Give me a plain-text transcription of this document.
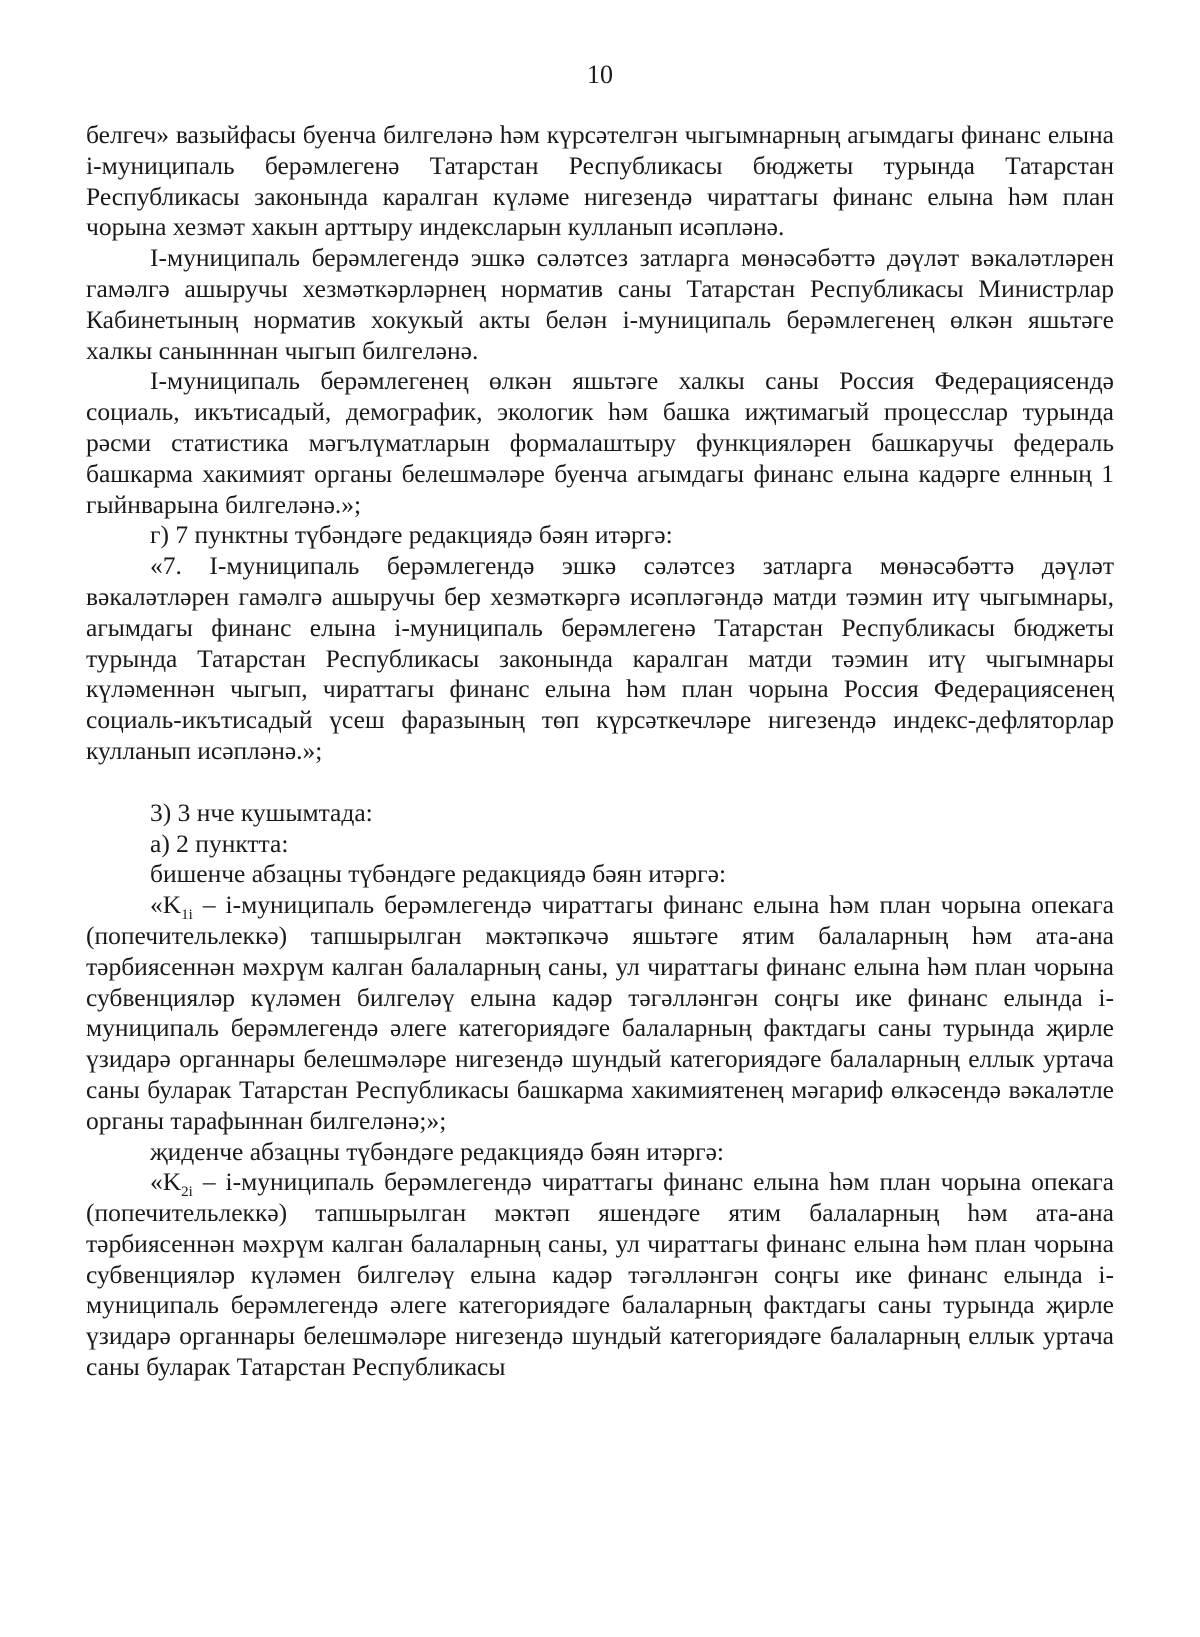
10

белгеч» вазыйфасы буенча билгеләнә һәм күрсәтелгән чыгымнарның агымдагы финанс елына і-муниципаль берәмлегенә Татарстан Республикасы бюджеты турында Татарстан Республикасы законында каралган күләме нигезендә чираттагы финанс елына һәм план чорына хезмәт хакын арттыру индексларын кулланып исәпләнә.

I-муниципаль берәмлегендә эшкә сәләтсез затларга мөнәсәбәттә дәүләт вәкаләтләрен гамәлгә ашыручы хезмәткәрләрнең норматив саны Татарстан Республикасы Министрлар Кабинетының норматив хокукый акты белән і-муниципаль берәмлегенең өлкән яшьтәге халкы санынннан чыгып билгеләнә.

I-муниципаль берәмлегенең өлкән яшьтәге халкы саны Россия Федерациясендә социаль, икътисадый, демографик, экологик һәм башка иҗтимагый процесслар турында рәсми статистика мәгълүматларын формалаштыру функцияләрен башкаручы федераль башкарма хакимият органы белешмәләре буенча агымдагы финанс елына кадәрге елнның 1 гыйнварына билгеләнә.»;

г) 7 пунктны түбәндәге редакциядә бәян итәргә:

«7. I-муниципаль берәмлегендә эшкә сәләтсез затларга мөнәсәбәттә дәүләт вәкаләтләрен гамәлгә ашыручы бер хезмәткәргә исәпләгәндә матди тәэмин итү чыгымнары, агымдагы финанс елына і-муниципаль берәмлегенә Татарстан Республикасы бюджеты турында Татарстан Республикасы законында каралган матди тәэмин итү чыгымнары күләменнән чыгып, чираттагы финанс елына һәм план чорына Россия Федерациясенең социаль-икътисадый үсеш фаразының төп күрсәткечләре нигезендә индекс-дефляторлар кулланып исәпләнә.»;

3) 3 нче кушымтада:

а) 2 пунктта:

бишенче абзацны түбәндәге редакциядә бәян итәргә:

«$K_{1i}$ – і-муниципаль берәмлегендә чираттагы финанс елына һәм план чорына опекага (попечительлеккә) тапшырылган мәктәпкәчә яшьтәге ятим балаларның һәм ата-ана тәрбиясеннән мәхрүм калган балаларның саны, ул чираттагы финанс елына һәм план чорына субвенцияләр күләмен билгеләү елына кадәр тәгәлләнгән соңгы ике финанс елында і-муниципаль берәмлегендә әлеге категориядәге балаларның фактдагы саны турында җирле үзидарә органнары белешмәләре нигезендә шундый категориядәге балаларның еллык уртача саны буларак Татарстан Республикасы башкарма хакимиятенең мәгариф өлкәсендә вәкаләтле органы тарафыннан билгеләнә;»;

җиденче абзацны түбәндәге редакциядә бәян итәргә:

«$K_{2i}$ – і-муниципаль берәмлегендә чираттагы финанс елына һәм план чорына опекага (попечительлеккә) тапшырылган мәктәп яшендәге ятим балаларның һәм ата-ана тәрбиясеннән мәхрүм калган балаларның саны, ул чираттагы финанс елына һәм план чорына субвенцияләр күләмен билгеләү елына кадәр тәгәлләнгән соңгы ике финанс елында і-муниципаль берәмлегендә әлеге категориядәге балаларның фактдагы саны турында җирле үзидарә органнары белешмәләре нигезендә шундый категориядәге балаларның еллык уртача саны буларак Татарстан Республикасы
